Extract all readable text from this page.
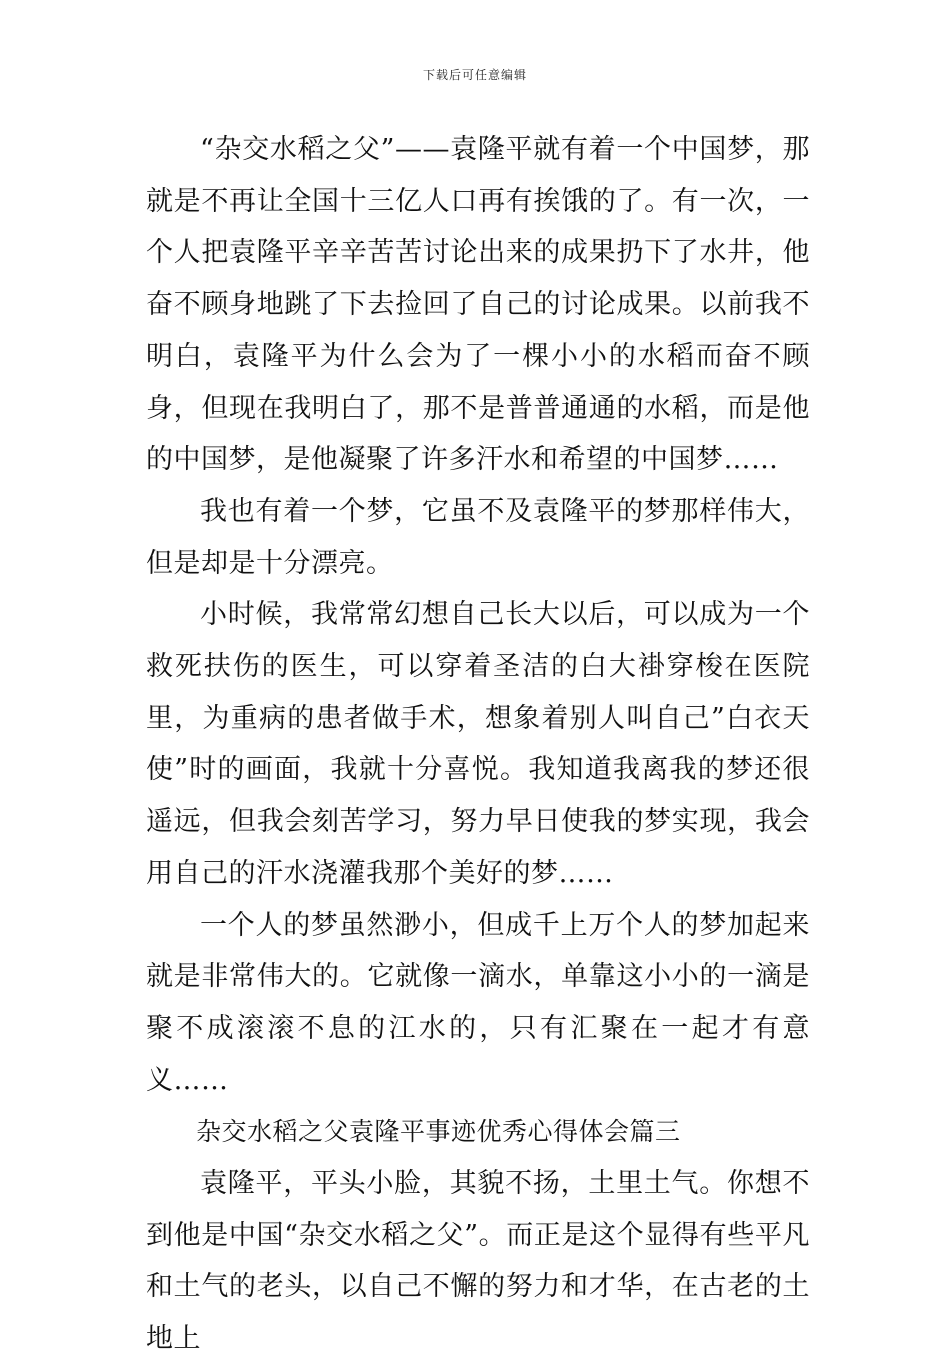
下载后可任意编辑

“杂交水稻之父”——袁隆平就有着一个中国梦，那就是不再让全国十三亿人口再有挨饿的了。有一次，一个人把袁隆平辛辛苦苦讨论出来的成果扔下了水井，他奋不顾身地跳了下去捡回了自己的讨论成果。以前我不明白，袁隆平为什么会为了一棵小小的水稻而奋不顾身，但现在我明白了，那不是普普通通的水稻，而是他的中国梦，是他凝聚了许多汗水和希望的中国梦……

我也有着一个梦，它虽不及袁隆平的梦那样伟大，但是却是十分漂亮。

小时候，我常常幻想自己长大以后，可以成为一个救死扶伤的医生，可以穿着圣洁的白大褂穿梭在医院里，为重病的患者做手术，想象着别人叫自己”白衣天使”时的画面，我就十分喜悦。我知道我离我的梦还很遥远，但我会刻苦学习，努力早日使我的梦实现，我会用自己的汗水浇灌我那个美好的梦……

一个人的梦虽然渺小，但成千上万个人的梦加起来就是非常伟大的。它就像一滴水，单靠这小小的一滴是聚不成滚滚不息的江水的，只有汇聚在一起才有意义……

杂交水稻之父袁隆平事迹优秀心得体会篇三

袁隆平，平头小脸，其貌不扬，土里土气。你想不到他是中国“杂交水稻之父”。而正是这个显得有些平凡和土气的老头，以自己不懈的努力和才华，在古老的土地上
